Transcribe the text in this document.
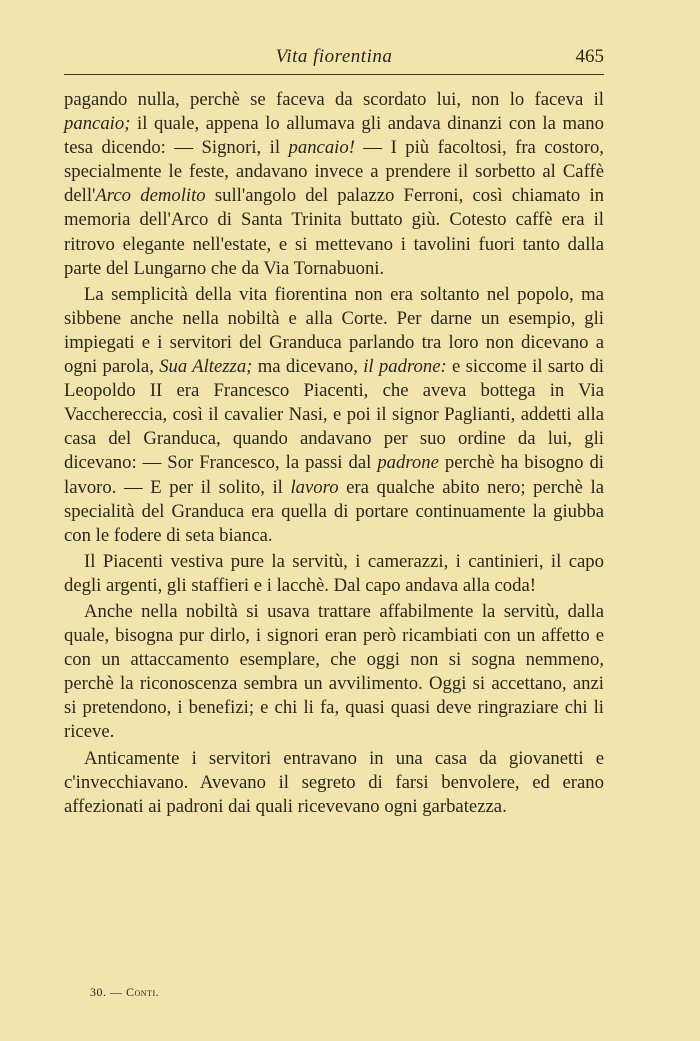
Vita fiorentina	465

pagando nulla, perchè se faceva da scordato lui, non lo faceva il pancaio; il quale, appena lo allumava gli andava dinanzi con la mano tesa dicendo: — Signori, il pancaio! — I più facoltosi, fra costoro, specialmente le feste, andavano invece a prendere il sorbetto al Caffè dell'Arco demolito sull'angolo del palazzo Ferroni, così chiamato in memoria dell'Arco di Santa Trinita buttato giù. Cotesto caffè era il ritrovo elegante nell'estate, e si mettevano i tavolini fuori tanto dalla parte del Lungarno che da Via Tornabuoni.

La semplicità della vita fiorentina non era soltanto nel popolo, ma sibbene anche nella nobiltà e alla Corte. Per darne un esempio, gli impiegati e i servitori del Granduca parlando tra loro non dicevano a ogni parola, Sua Altezza; ma dicevano, il padrone: e siccome il sarto di Leopoldo II era Francesco Piacenti, che aveva bottega in Via Vacchereccia, così il cavalier Nasi, e poi il signor Paglianti, addetti alla casa del Granduca, quando andavano per suo ordine da lui, gli dicevano: — Sor Francesco, la passi dal padrone perchè ha bisogno di lavoro. — E per il solito, il lavoro era qualche abito nero; perchè la specialità del Granduca era quella di portare continuamente la giubba con le fodere di seta bianca.

Il Piacenti vestiva pure la servitù, i camerazzi, i cantinieri, il capo degli argenti, gli staffieri e i lacchè. Dal capo andava alla coda!

Anche nella nobiltà si usava trattare affabilmente la servitù, dalla quale, bisogna pur dirlo, i signori eran però ricambiati con un affetto e con un attaccamento esemplare, che oggi non si sogna nemmeno, perchè la riconoscenza sembra un avvilimento. Oggi si accettano, anzi si pretendono, i benefizi; e chi li fa, quasi quasi deve ringraziare chi li riceve.

Anticamente i servitori entravano in una casa da giovanetti e c'invecchiavano. Avevano il segreto di farsi benvolere, ed erano affezionati ai padroni dai quali ricevevano ogni garbatezza.

30. — Conti.
